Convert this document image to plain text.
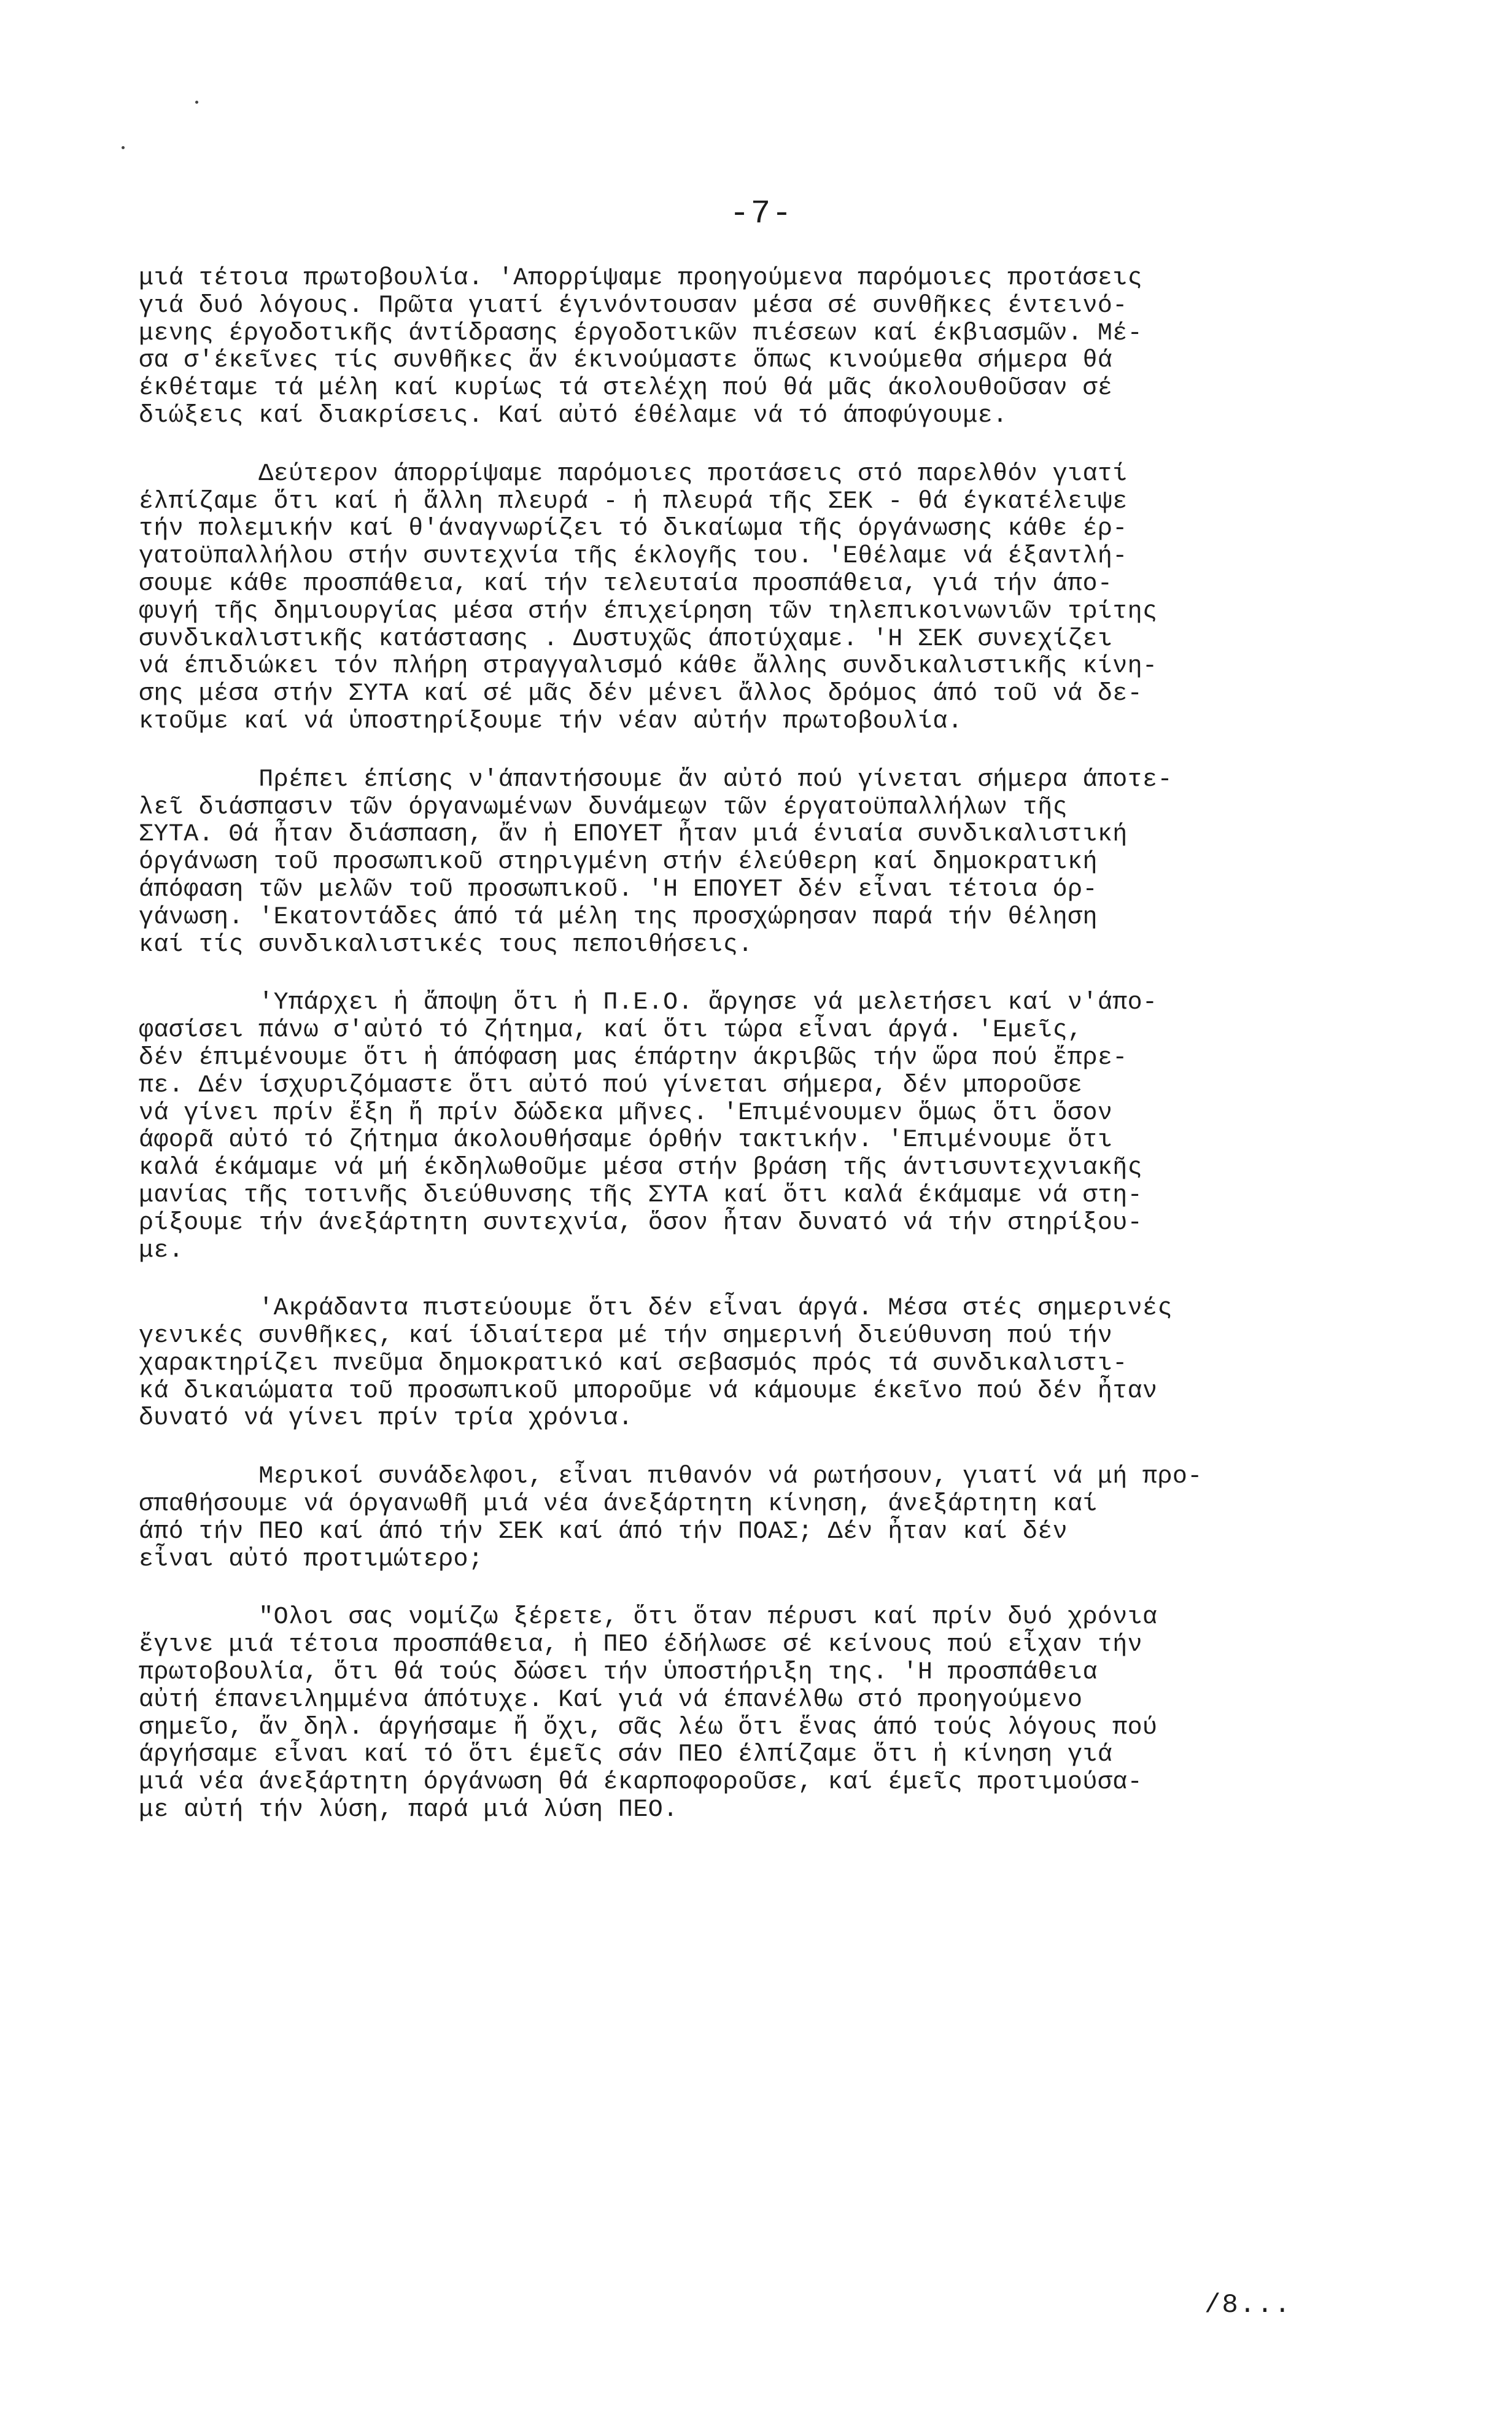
-7-
μιά τέτοια πρωτοβουλία. 'Απορρίψαμε προηγούμενα παρόμοιες προτάσεις
γιά δυό λόγους. Πρῶτα γιατί έγινόντουσαν μέσα σέ συνθῆκες έντεινό-
μενης έργοδοτικῆς άντίδρασης έργοδοτικῶν πιέσεων καί έκβιασμῶν. Μέ-
σα σ'έκεῖνες τίς συνθῆκες ἄν έκινούμαστε ὅπως κινούμεθα σήμερα θά
έκθέταμε τά μέλη καί κυρίως τά στελέχη πού θά μᾶς άκολουθοῦσαν σέ
διώξεις καί διακρίσεις. Καί αὐτό έθέλαμε νά τό άποφύγουμε.
Δεύτερον άπορρίψαμε παρόμοιες προτάσεις στό παρελθόν γιατί
έλπίζαμε ὅτι καί ἡ ἄλλη πλευρά - ἡ πλευρά τῆς ΣΕΚ - θά έγκατέλειψε
τήν πολεμικήν καί θ'άναγνωρίζει τό δικαίωμα τῆς όργάνωσης κάθε έρ-
γατοϋπαλλήλου στήν συντεχνία τῆς έκλογῆς του. 'Εθέλαμε νά έξαντλή-
σουμε κάθε προσπάθεια, καί τήν τελευταία προσπάθεια, γιά τήν άπο-
φυγή τῆς δημιουργίας μέσα στήν έπιχείρηση τῶν τηλεπικοινωνιῶν τρίτης
συνδικαλιστικῆς κατάστασης . Δυστυχῶς άποτύχαμε. 'Η ΣΕΚ συνεχίζει
νά έπιδιώκει τόν πλήρη στραγγαλισμό κάθε ἄλλης συνδικαλιστικῆς κίνη-
σης μέσα στήν ΣΥΤΑ καί σέ μᾶς δέν μένει ἄλλος δρόμος άπό τοῦ νά δε-
κτοῦμε καί νά ὑποστηρίξουμε τήν νέαν αὐτήν πρωτοβουλία.
Πρέπει έπίσης ν'άπαντήσουμε ἄν αὐτό πού γίνεται σήμερα άποτε-
λεῖ διάσπασιν τῶν όργανωμένων δυνάμεων τῶν έργατοϋπαλλήλων τῆς
ΣΥΤΑ. Θά ἦταν διάσπαση, ἄν ἡ ΕΠΟΥΕΤ ἦταν μιά ένιαία συνδικαλιστική
όργάνωση τοῦ προσωπικοῦ στηριγμένη στήν έλεύθερη καί δημοκρατική
άπόφαση τῶν μελῶν τοῦ προσωπικοῦ. 'Η ΕΠΟΥΕΤ δέν εἶναι τέτοια όρ-
γάνωση. 'Εκατοντάδες άπό τά μέλη της προσχώρησαν παρά τήν θέληση
καί τίς συνδικαλιστικές τους πεποιθήσεις.
'Υπάρχει ἡ ἄποψη ὅτι ἡ Π.Ε.Ο. ἄργησε νά μελετήσει καί ν'άπο-
φασίσει πάνω σ'αὐτό τό ζήτημα, καί ὅτι τώρα εἶναι άργά. 'Εμεῖς,
δέν έπιμένουμε ὅτι ἡ άπόφαση μας έπάρτην άκριβῶς τήν ὥρα πού ἔπρε-
πε. Δέν ίσχυριζόμαστε ὅτι αὐτό πού γίνεται σήμερα, δέν μποροῦσε
νά γίνει πρίν ἔξη ἤ πρίν δώδεκα μῆνες. 'Επιμένουμεν ὅμως ὅτι ὅσον
άφορᾶ αὐτό τό ζήτημα άκολουθήσαμε όρθήν τακτικήν. 'Επιμένουμε ὅτι
καλά έκάμαμε νά μή έκδηλωθοῦμε μέσα στήν βράση τῆς άντισυντεχνιακῆς
μανίας τῆς τοτινῆς διεύθυνσης τῆς ΣΥΤΑ καί ὅτι καλά έκάμαμε νά στη-
ρίξουμε τήν άνεξάρτητη συντεχνία, ὅσον ἦταν δυνατό νά τήν στηρίξου-
με.
'Ακράδαντα πιστεύουμε ὅτι δέν εἶναι άργά. Μέσα στές σημερινές
γενικές συνθῆκες, καί ίδιαίτερα μέ τήν σημερινή διεύθυνση πού τήν
χαρακτηρίζει πνεῦμα δημοκρατικό καί σεβασμός πρός τά συνδικαλιστι-
κά δικαιώματα τοῦ προσωπικοῦ μποροῦμε νά κάμουμε έκεῖνο πού δέν ἦταν
δυνατό νά γίνει πρίν τρία χρόνια.
Μερικοί συνάδελφοι, εἶναι πιθανόν νά ρωτήσουν, γιατί νά μή προ-
σπαθήσουμε νά όργανωθῆ μιά νέα άνεξάρτητη κίνηση, άνεξάρτητη καί
άπό τήν ΠΕΟ καί άπό τήν ΣΕΚ καί άπό τήν ΠΟΑΣ; Δέν ἦταν καί δέν
εἶναι αὐτό προτιμώτερο;
"Ολοι σας νομίζω ξέρετε, ὅτι ὅταν πέρυσι καί πρίν δυό χρόνια
ἔγινε μιά τέτοια προσπάθεια, ἡ ΠΕΟ έδήλωσε σέ κείνους πού εἶχαν τήν
πρωτοβουλία, ὅτι θά τούς δώσει τήν ὑποστήριξη της. 'Η προσπάθεια
αὐτή έπανειλημμένα άπότυχε. Καί γιά νά έπανέλθω στό προηγούμενο
σημεῖο, ἄν δηλ. άργήσαμε ἤ ὄχι, σᾶς λέω ὅτι ἕνας άπό τούς λόγους πού
άργήσαμε εἶναι καί τό ὅτι έμεῖς σάν ΠΕΟ έλπίζαμε ὅτι ἡ κίνηση γιά
μιά νέα άνεξάρτητη όργάνωση θά έκαρποφοροῦσε, καί έμεῖς προτιμούσα-
με αὐτή τήν λύση, παρά μιά λύση ΠΕΟ.
/8...
